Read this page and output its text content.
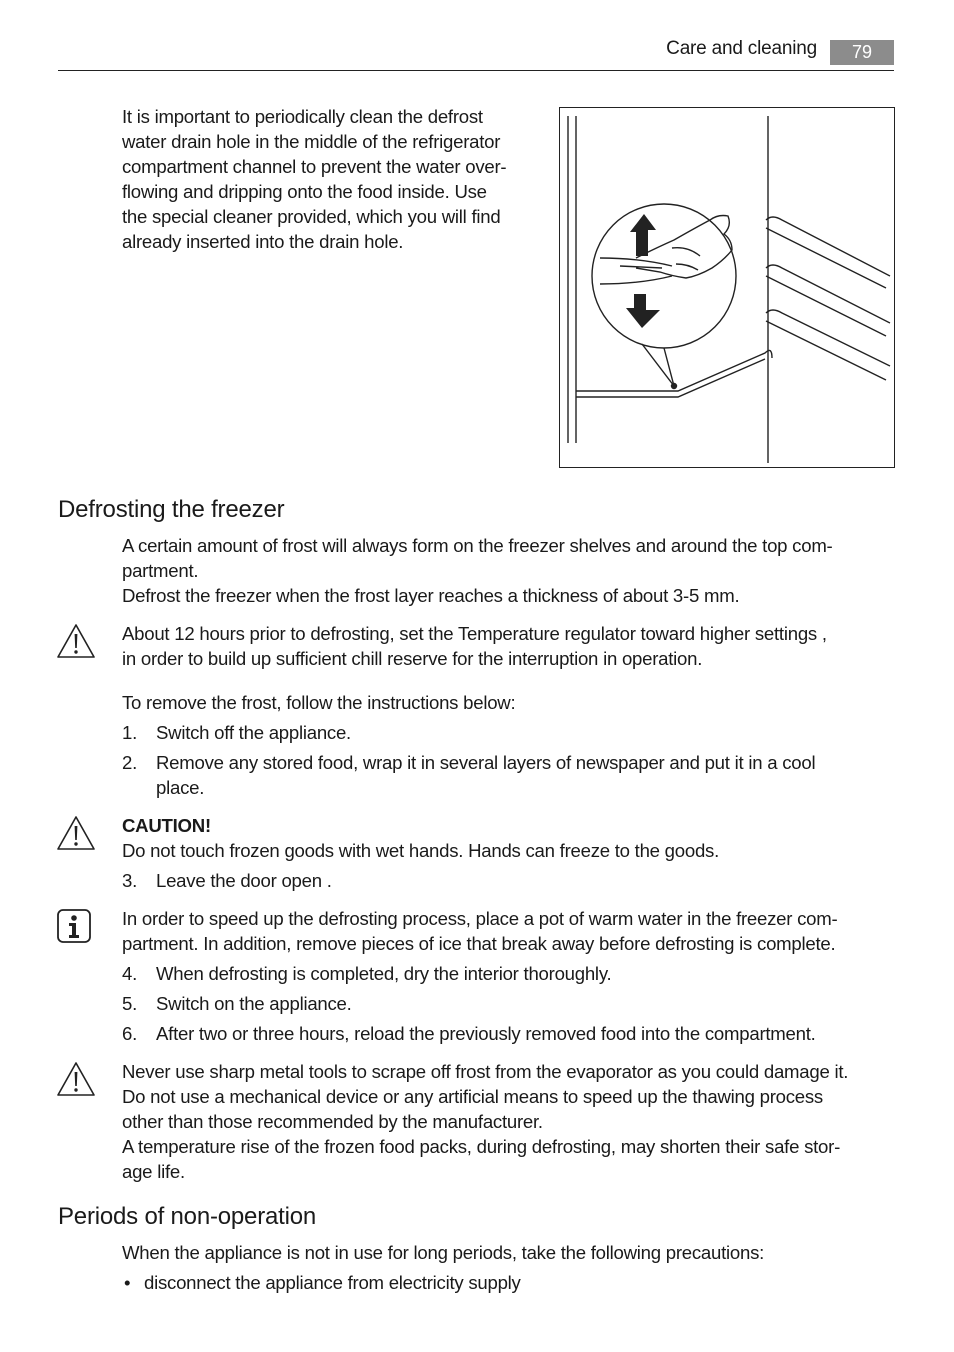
Care and cleaning	79

It is important to periodically clean the defrost

water drain hole in the middle of the refrigerator

compartment channel to prevent the water over-

flowing and dripping onto the food inside. Use

the special cleaner provided, which you will find

already inserted into the drain hole.

Defrosting the freezer

A certain amount of frost will always form on the freezer shelves and around the top com-

partment.

Defrost the freezer when the frost layer reaches a thickness of about 3-5 mm.

About 12 hours prior to defrosting, set the Temperature regulator toward higher settings ,

in order to build up sufficient chill reserve for the interruption in operation.

To remove the frost, follow the instructions below:

1. Switch off the appliance.
2. Remove any stored food, wrap it in several layers of newspaper and put it in a cool
place.

CAUTION!

Do not touch frozen goods with wet hands. Hands can freeze to the goods.

3. Leave the door open .

In order to speed up the defrosting process, place a pot of warm water in the freezer com-

partment. In addition, remove pieces of ice that break away before defrosting is complete.

4. When defrosting is completed, dry the interior thoroughly.
5. Switch on the appliance.
6. After two or three hours, reload the previously removed food into the compartment.

Never use sharp metal tools to scrape off frost from the evaporator as you could damage it.

Do not use a mechanical device or any artificial means to speed up the thawing process

other than those recommended by the manufacturer.

A temperature rise of the frozen food packs, during defrosting, may shorten their safe stor-

age life.

Periods of non-operation

When the appliance is not in use for long periods, take the following precautions:

• disconnect the appliance from electricity supply
